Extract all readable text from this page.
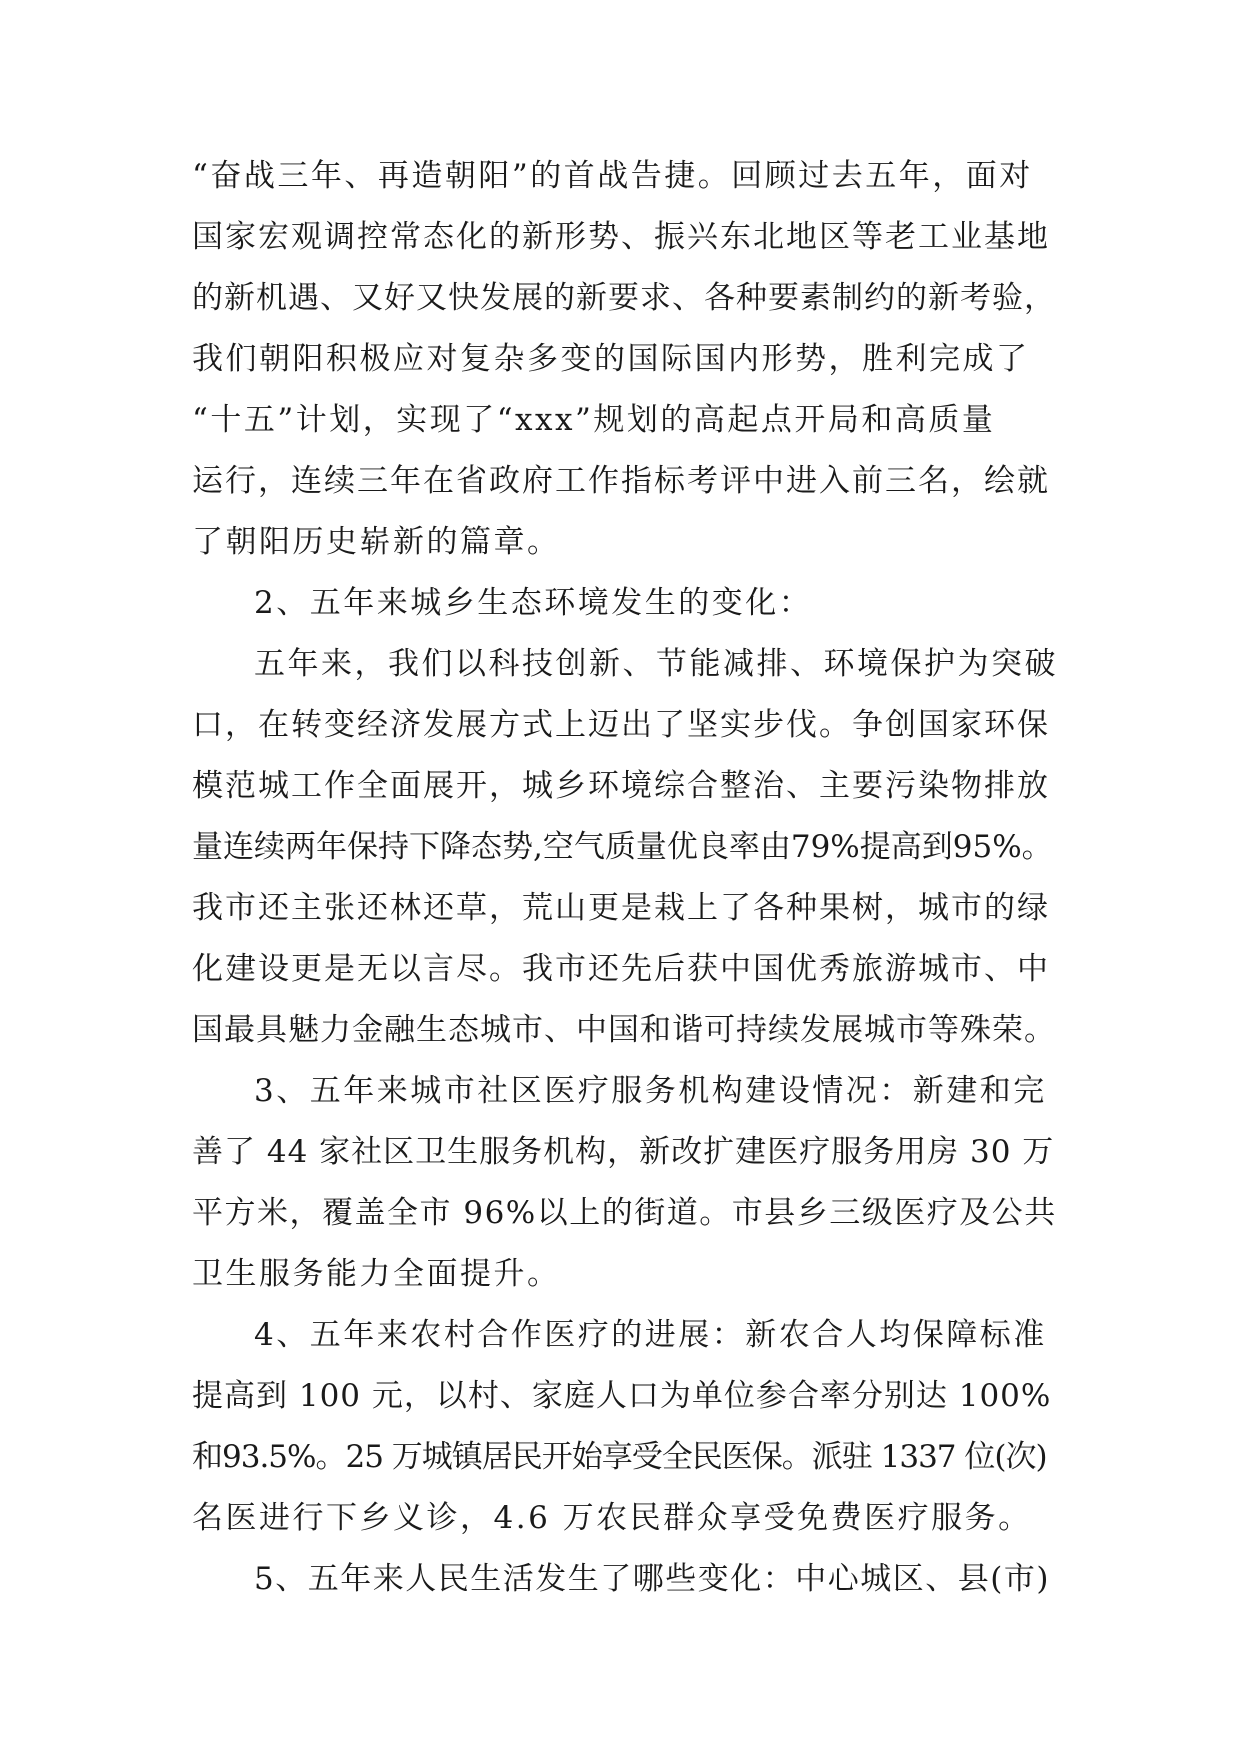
“奋战三年、再造朝阳”的首战告捷。回顾过去五年，面对
国家宏观调控常态化的新形势、振兴东北地区等老工业基地
的新机遇、又好又快发展的新要求、各种要素制约的新考验，
我们朝阳积极应对复杂多变的国际国内形势，胜利完成了
“十五”计划，实现了“xxx”规划的高起点开局和高质量
运行，连续三年在省政府工作指标考评中进入前三名，绘就
了朝阳历史崭新的篇章。
2、五年来城乡生态环境发生的变化：
五年来，我们以科技创新、节能减排、环境保护为突破
口，在转变经济发展方式上迈出了坚实步伐。争创国家环保
模范城工作全面展开，城乡环境综合整治、主要污染物排放
量连续两年保持下降态势,空气质量优良率由79%提高到95%。
我市还主张还林还草，荒山更是栽上了各种果树，城市的绿
化建设更是无以言尽。我市还先后获中国优秀旅游城市、中
国最具魅力金融生态城市、中国和谐可持续发展城市等殊荣。
3、五年来城市社区医疗服务机构建设情况：新建和完
善了 44 家社区卫生服务机构，新改扩建医疗服务用房 30 万
平方米，覆盖全市 96%以上的街道。市县乡三级医疗及公共
卫生服务能力全面提升。
4、五年来农村合作医疗的进展：新农合人均保障标准
提高到 100 元，以村、家庭人口为单位参合率分别达 100%
和93.5%。25 万城镇居民开始享受全民医保。派驻 1337 位(次)
名医进行下乡义诊，4.6 万农民群众享受免费医疗服务。
5、五年来人民生活发生了哪些变化：中心城区、县(市)
